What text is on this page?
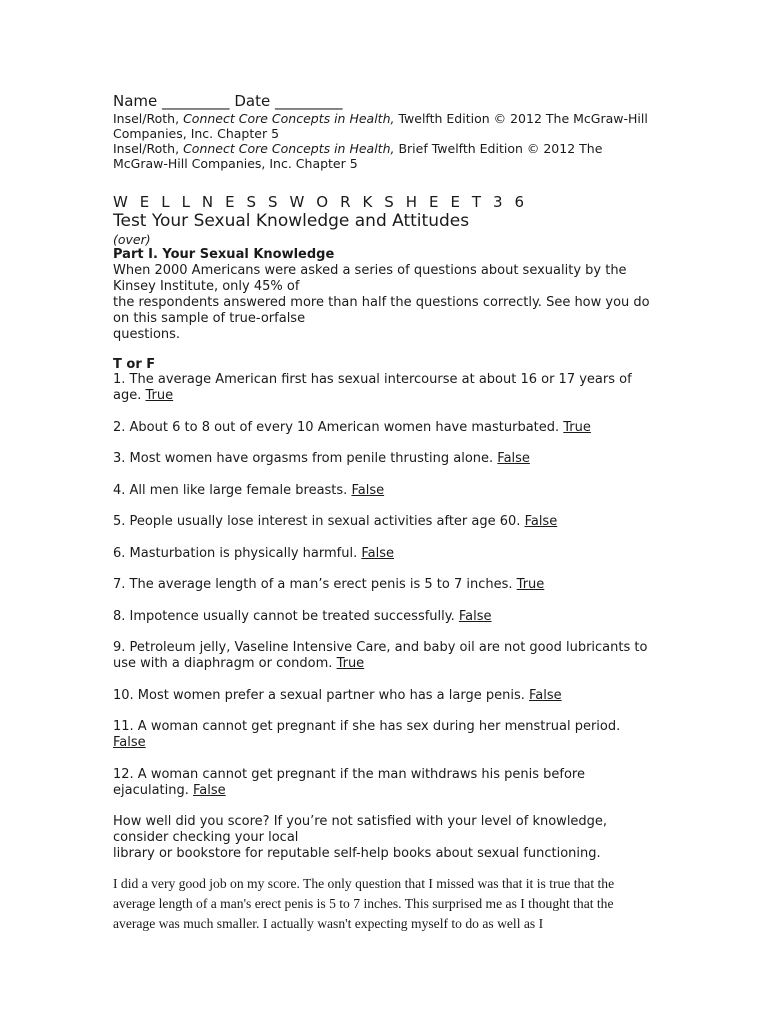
Name _________ Date _________
Insel/Roth, Connect Core Concepts in Health, Twelfth Edition © 2012 The McGraw-Hill Companies, Inc. Chapter 5
Insel/Roth, Connect Core Concepts in Health, Brief Twelfth Edition © 2012 The McGraw-Hill Companies, Inc. Chapter 5
W E L L N E S S W O R K S H E E T 3 6
Test Your Sexual Knowledge and Attitudes
(over)
Part I. Your Sexual Knowledge
When 2000 Americans were asked a series of questions about sexuality by the Kinsey Institute, only 45% of
the respondents answered more than half the questions correctly. See how you do on this sample of true-orfalse
questions.
T or F
1. The average American first has sexual intercourse at about 16 or 17 years of age. True
2. About 6 to 8 out of every 10 American women have masturbated. True
3. Most women have orgasms from penile thrusting alone. False
4. All men like large female breasts. False
5. People usually lose interest in sexual activities after age 60. False
6. Masturbation is physically harmful. False
7. The average length of a man’s erect penis is 5 to 7 inches. True
8. Impotence usually cannot be treated successfully. False
9. Petroleum jelly, Vaseline Intensive Care, and baby oil are not good lubricants to use with a diaphragm or condom. True
10. Most women prefer a sexual partner who has a large penis. False
11. A woman cannot get pregnant if she has sex during her menstrual period. False
12. A woman cannot get pregnant if the man withdraws his penis before ejaculating. False
How well did you score? If you’re not satisfied with your level of knowledge, consider checking your local
library or bookstore for reputable self-help books about sexual functioning.
I did a very good job on my score. The only question that I missed was that it is true that the average length of a man's erect penis is 5 to 7 inches. This surprised me as I thought that the average was much smaller. I actually wasn't expecting myself to do as well as I
